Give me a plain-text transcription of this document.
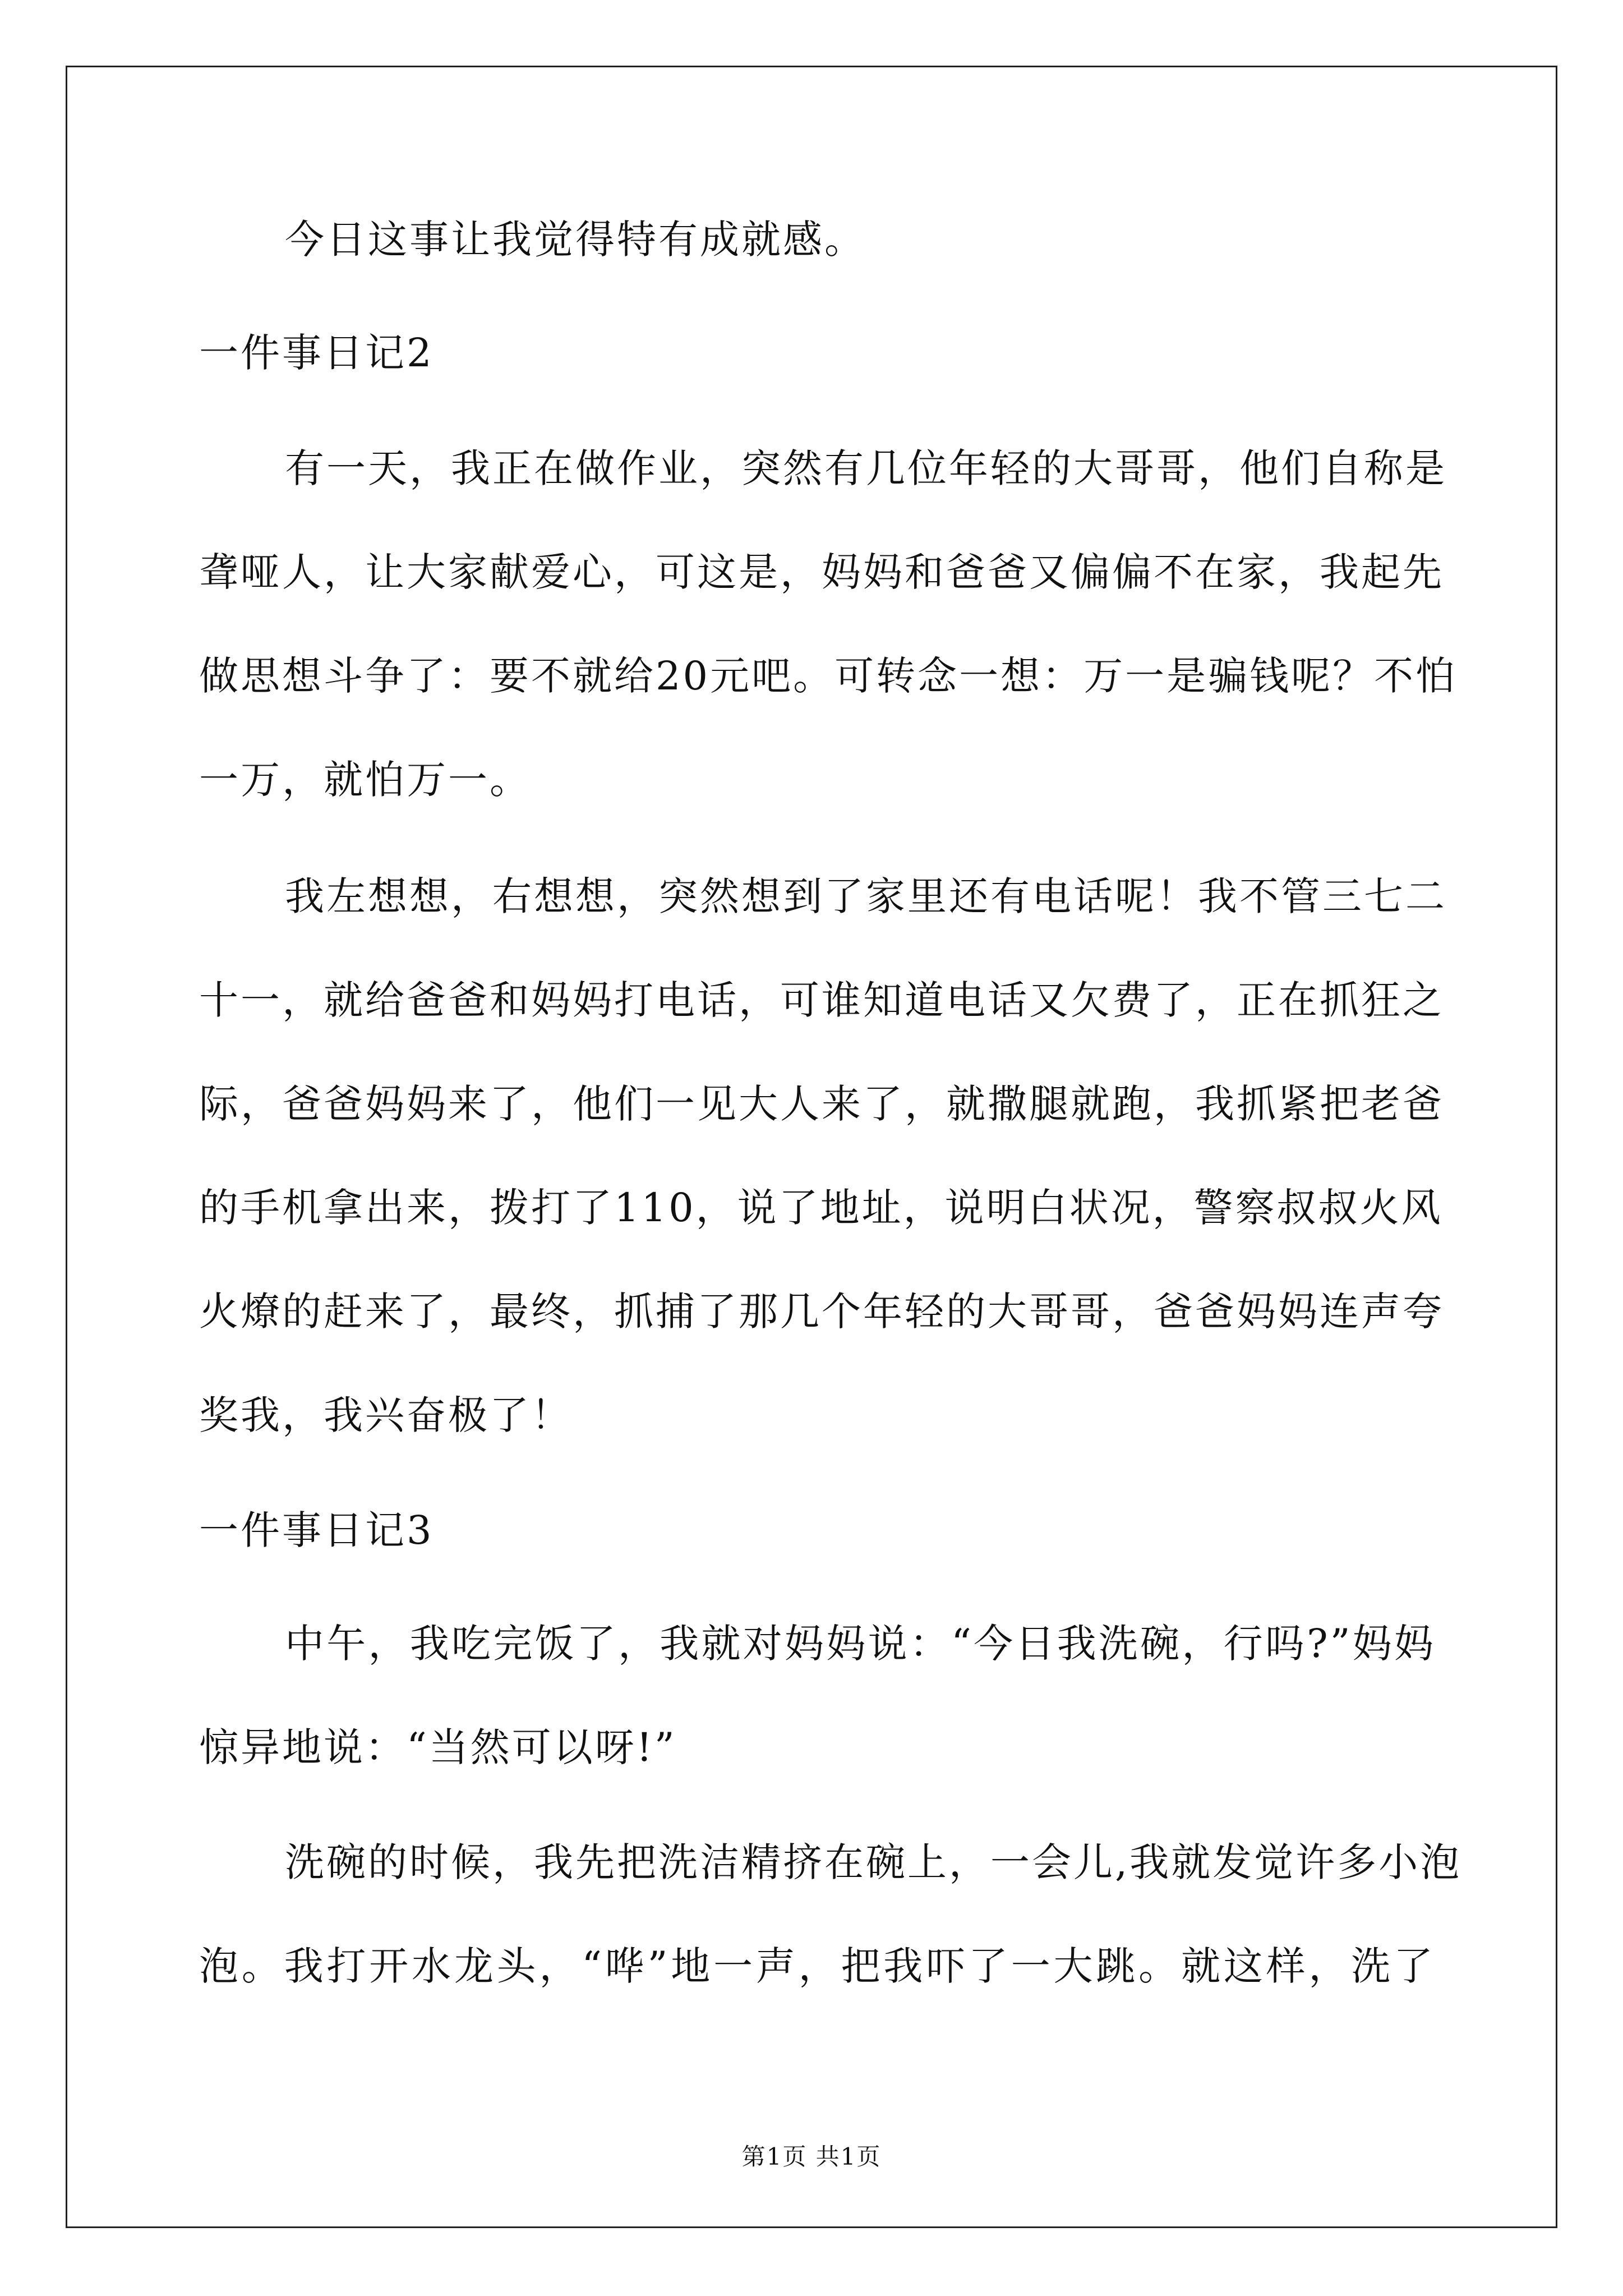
今日这事让我觉得特有成就感。
一件事日记2
有一天，我正在做作业，突然有几位年轻的大哥哥，他们自称是
聋哑人，让大家献爱心，可这是，妈妈和爸爸又偏偏不在家，我起先
做思想斗争了：要不就给20元吧。可转念一想：万一是骗钱呢？不怕
一万，就怕万一。
我左想想，右想想，突然想到了家里还有电话呢！我不管三七二
十一，就给爸爸和妈妈打电话，可谁知道电话又欠费了，正在抓狂之
际，爸爸妈妈来了，他们一见大人来了，就撒腿就跑，我抓紧把老爸
的手机拿出来，拨打了110，说了地址，说明白状况，警察叔叔火风
火燎的赶来了，最终，抓捕了那几个年轻的大哥哥，爸爸妈妈连声夸
奖我，我兴奋极了！
一件事日记3
中午，我吃完饭了，我就对妈妈说：“今日我洗碗，行吗?”妈妈
惊异地说：“当然可以呀!”
洗碗的时候，我先把洗洁精挤在碗上，一会儿,我就发觉许多小泡
泡。我打开水龙头，“哗”地一声，把我吓了一大跳。就这样，洗了
第1页 共1页
